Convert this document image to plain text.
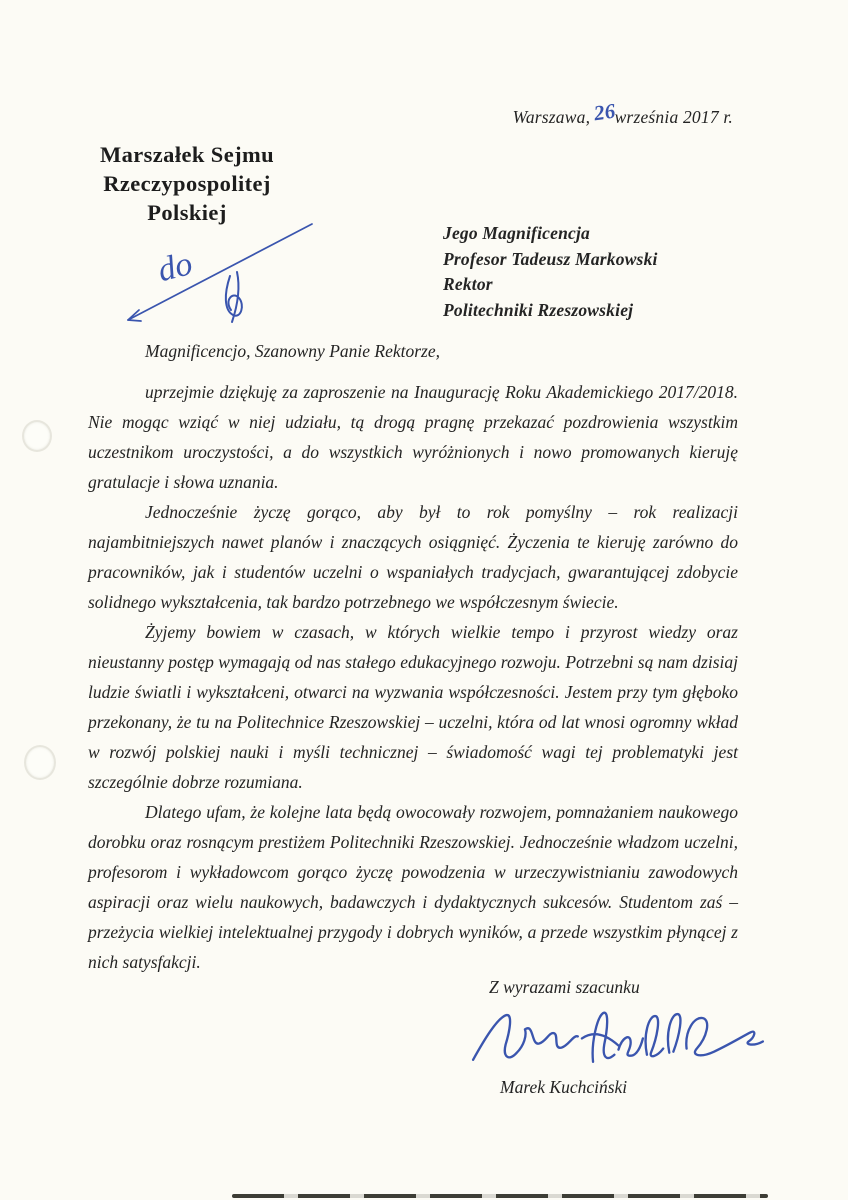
Warszawa, 26września 2017 r.
Marszałek Sejmu
Rzeczypospolitej Polskiej
do
Jego Magnificencja
Profesor Tadeusz Markowski
Rektor
Politechniki Rzeszowskiej
Magnificencjo, Szanowny Panie Rektorze,

uprzejmie dziękuję za zaproszenie na Inaugurację Roku Akademickiego 2017/2018. Nie mogąc wziąć w niej udziału, tą drogą pragnę przekazać pozdrowienia wszystkim uczestnikom uroczystości, a do wszystkich wyróżnionych i nowo promowanych kieruję gratulacje i słowa uznania.

Jednocześnie życzę gorąco, aby był to rok pomyślny – rok realizacji najambitniejszych nawet planów i znaczących osiągnięć. Życzenia te kieruję zarówno do pracowników, jak i studentów uczelni o wspaniałych tradycjach, gwarantującej zdobycie solidnego wykształcenia, tak bardzo potrzebnego we współczesnym świecie.

Żyjemy bowiem w czasach, w których wielkie tempo i przyrost wiedzy oraz nieustanny postęp wymagają od nas stałego edukacyjnego rozwoju. Potrzebni są nam dzisiaj ludzie światli i wykształceni, otwarci na wyzwania współczesności. Jestem przy tym głęboko przekonany, że tu na Politechnice Rzeszowskiej – uczelni, która od lat wnosi ogromny wkład w rozwój polskiej nauki i myśli technicznej – świadomość wagi tej problematyki jest szczególnie dobrze rozumiana.

Dlatego ufam, że kolejne lata będą owocowały rozwojem, pomnażaniem naukowego dorobku oraz rosnącym prestiżem Politechniki Rzeszowskiej. Jednocześnie władzom uczelni, profesorom i wykładowcom gorąco życzę powodzenia w urzeczywistnianiu zawodowych aspiracji oraz wielu naukowych, badawczych i dydaktycznych sukcesów. Studentom zaś – przeżycia wielkiej intelektualnej przygody i dobrych wyników, a przede wszystkim płynącej z nich satysfakcji.

Z wyrazami szacunku
Marek Kuchciński
